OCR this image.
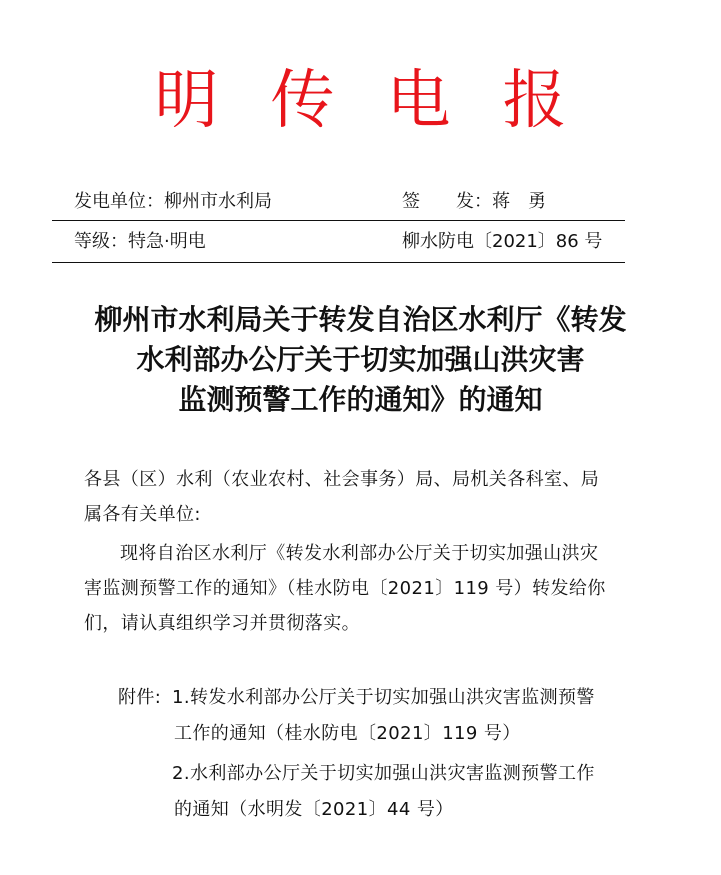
明传电报
发电单位：柳州市水利局	签　　发：蒋　勇
等级：特急·明电	柳水防电〔2021〕86 号
柳州市水利局关于转发自治区水利厅《转发
水利部办公厅关于切实加强山洪灾害
监测预警工作的通知》的通知
各县（区）水利（农业农村、社会事务）局、局机关各科室、局
属各有关单位:
现将自治区水利厅《转发水利部办公厅关于切实加强山洪灾
害监测预警工作的通知》（桂水防电〔2021〕119 号）转发给你
们，请认真组织学习并贯彻落实。
附件: 1.转发水利部办公厅关于切实加强山洪灾害监测预警
工作的通知（桂水防电〔2021〕119 号）
2.水利部办公厅关于切实加强山洪灾害监测预警工作
的通知（水明发〔2021〕44 号）
